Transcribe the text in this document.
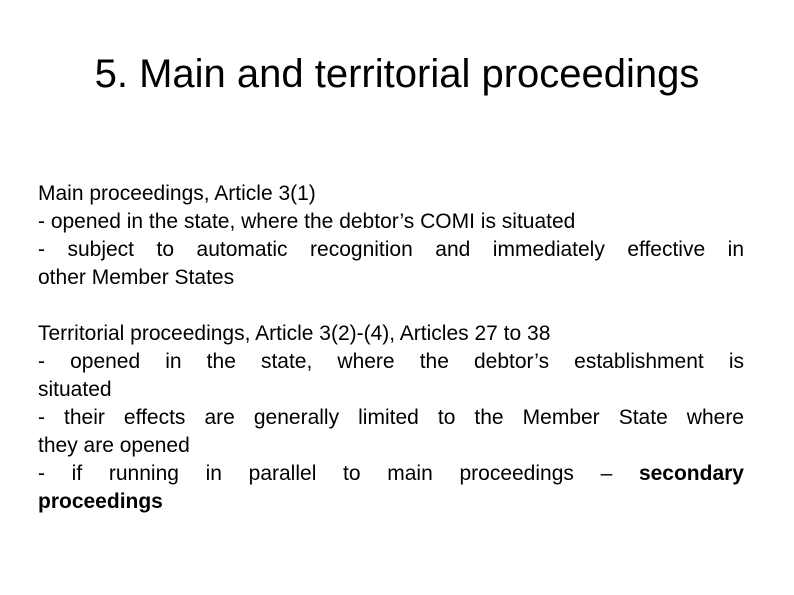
5. Main and territorial proceedings
Main proceedings, Article 3(1)
- opened in the state, where the debtor’s COMI is situated
- subject to automatic recognition and immediately effective in
other Member States
Territorial proceedings, Article 3(2)-(4), Articles 27 to 38
- opened in the state, where the debtor’s establishment is
situated
- their effects are generally limited to the Member State where
they are opened
- if running in parallel to main proceedings – secondary
proceedings
